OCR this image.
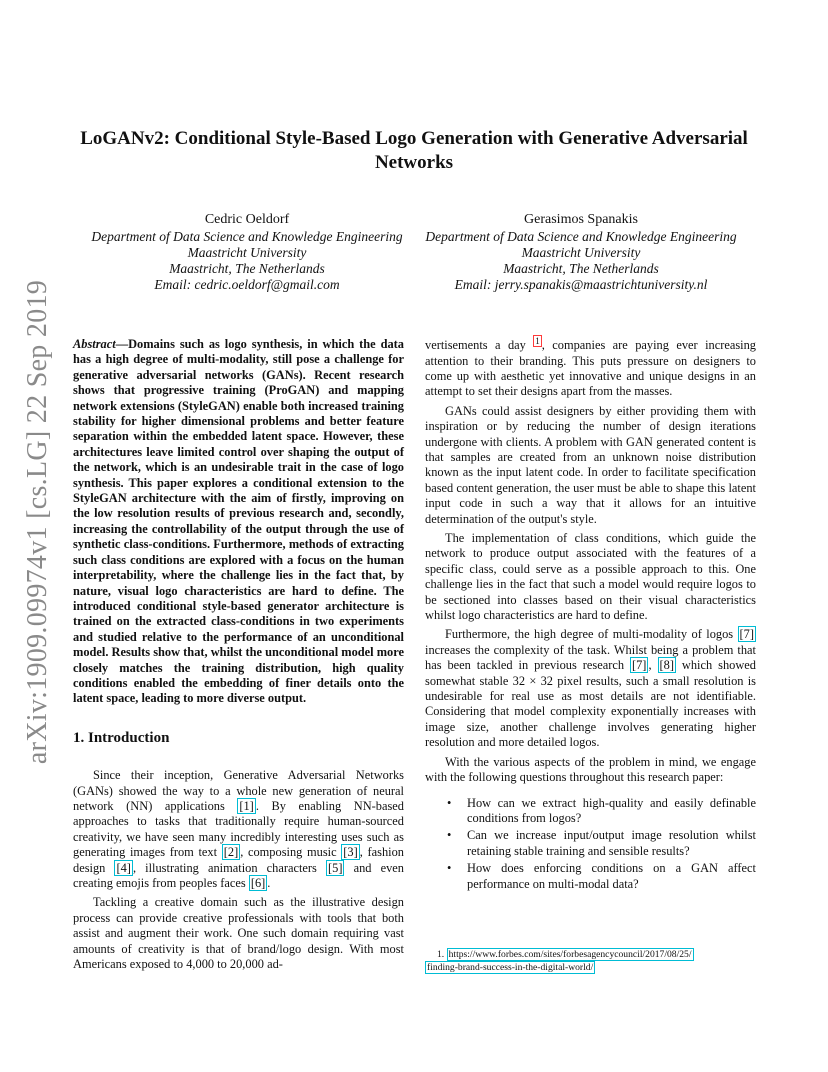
arXiv:1909.09974v1 [cs.LG] 22 Sep 2019
LoGANv2: Conditional Style-Based Logo Generation with Generative Adversarial Networks
Cedric Oeldorf
Department of Data Science and Knowledge Engineering
Maastricht University
Maastricht, The Netherlands
Email: cedric.oeldorf@gmail.com
Gerasimos Spanakis
Department of Data Science and Knowledge Engineering
Maastricht University
Maastricht, The Netherlands
Email: jerry.spanakis@maastrichtuniversity.nl
Abstract—Domains such as logo synthesis, in which the data has a high degree of multi-modality, still pose a challenge for generative adversarial networks (GANs). Recent research shows that progressive training (ProGAN) and mapping network extensions (StyleGAN) enable both increased training stability for higher dimensional problems and better feature separation within the embedded latent space. However, these architectures leave limited control over shaping the output of the network, which is an undesirable trait in the case of logo synthesis. This paper explores a conditional extension to the StyleGAN architecture with the aim of firstly, improving on the low resolution results of previous research and, secondly, increasing the controllability of the output through the use of synthetic class-conditions. Furthermore, methods of extracting such class conditions are explored with a focus on the human interpretability, where the challenge lies in the fact that, by nature, visual logo characteristics are hard to define. The introduced conditional style-based generator architecture is trained on the extracted class-conditions in two experiments and studied relative to the performance of an unconditional model. Results show that, whilst the unconditional model more closely matches the training distribution, high quality conditions enabled the embedding of finer details onto the latent space, leading to more diverse output.
1. Introduction

Since their inception, Generative Adversarial Networks (GANs) showed the way to a whole new generation of neural network (NN) applications [1] . By enabling NN-based approaches to tasks that traditionally require human-sourced creativity, we have seen many incredibly interesting uses such as generating images from text [2] , composing music [3] , fashion design [4] , illustrating animation characters [5] and even creating emojis from peoples faces [6] .

Tackling a creative domain such as the illustrative design process can provide creative professionals with tools that both assist and augment their work. One such domain requiring vast amounts of creativity is that of brand/logo design. With most Americans exposed to 4,000 to 20,000 ad-

vertisements a day $^1$ , companies are paying ever increasing attention to their branding. This puts pressure on designers to come up with aesthetic yet innovative and unique designs in an attempt to set their designs apart from the masses.

GANs could assist designers by either providing them with inspiration or by reducing the number of design iterations undergone with clients. A problem with GAN generated content is that samples are created from an unknown noise distribution known as the input latent code. In order to facilitate specification based content generation, the user must be able to shape this latent input code in such a way that it allows for an intuitive determination of the output's style.

The implementation of class conditions, which guide the network to produce output associated with the features of a specific class, could serve as a possible approach to this. One challenge lies in the fact that such a model would require logos to be sectioned into classes based on their visual characteristics whilst logo characteristics are hard to define.

Furthermore, the high degree of multi-modality of logos [7] increases the complexity of the task. Whilst being a problem that has been tackled in previous research [7] , [8] which showed somewhat stable 32 × 32 pixel results, such a small resolution is undesirable for real use as most details are not identifiable. Considering that model complexity exponentially increases with image size, another challenge involves generating higher resolution and more detailed logos.

With the various aspects of the problem in mind, we engage with the following questions throughout this research paper:

• How can we extract high-quality and easily definable conditions from logos?
• Can we increase input/output image resolution whilst retaining stable training and sensible results?
• How does enforcing conditions on a GAN affect performance on multi-modal data?
1. https://www.forbes.com/sites/forbesagencycouncil/2017/08/25/
finding-brand-success-in-the-digital-world/
